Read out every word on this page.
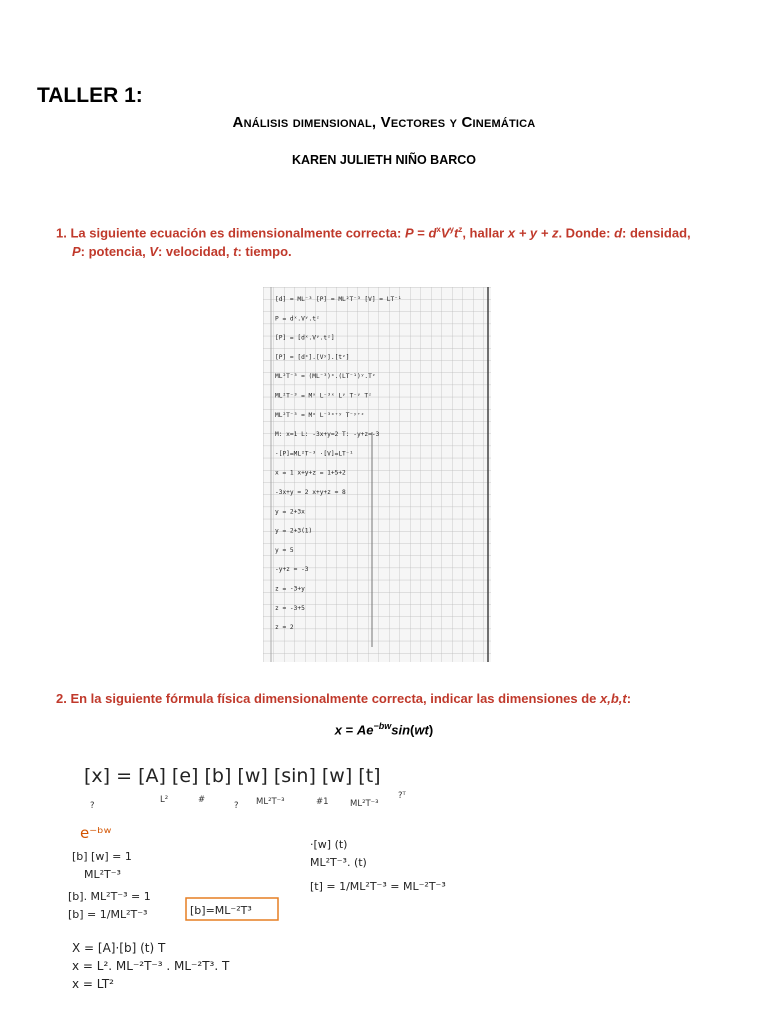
TALLER 1:
Análisis dimensional, Vectores y Cinemática
KAREN JULIETH NIÑO BARCO
1. La siguiente ecuación es dimensionalmente correcta: $P = d^xV^yt^z$, hallar x + y + z. Donde: d: densidad,
P: potencia, V: velocidad, t: tiempo.
[d] = ML⁻³ [P] = ML²T⁻³ [V] = LT⁻¹
P = dˣ.Vʸ.tᶻ
[P] = [dˣ.Vʸ.tᶻ]
[P] = [dˣ].[Vʸ].[tᶻ]
ML²T⁻³ = (ML⁻³)ˣ.(LT⁻¹)ʸ.Tᶻ
ML²T⁻³ = Mˣ L⁻³ˣ Lʸ T⁻ʸ Tᶻ
ML²T⁻³ = Mˣ L⁻³ˣ⁺ʸ T⁻ʸ⁺ᶻ
M: x=1 L: -3x+y=2 T: -y+z=-3
·[P]=ML²T⁻³ ·[V]=LT⁻¹
x = 1 x+y+z = 1+5+2
-3x+y = 2 x+y+z = 8
y = 2+3x
y = 2+3(1)
y = 5
-y+z = -3
z = -3+y
z = -3+5
z = 2
2. En la siguiente fórmula física dimensionalmente correcta, indicar las dimensiones de x,b,t:
$x = Ae^{-bw}\sin(wt)$
[x] = [A] [e] [b] [w] [sin] [w] [t]
?
L²	#
? ML²T⁻³	#1	ML²T⁻³
?ᵀ
e⁻ᵇʷ
[b] [w] = 1
ML²T⁻³
[b]. ML²T⁻³ = 1
[b] = 1/ML²T⁻³	[b]=ML⁻²T³
·[w] (t)
ML²T⁻³. (t)
[t] = 1/ML²T⁻³ = ML⁻²T⁻³
X = [A]·[b] (t) T
x = L². ML⁻²T⁻³ . ML⁻²T³. T
x = LT²
